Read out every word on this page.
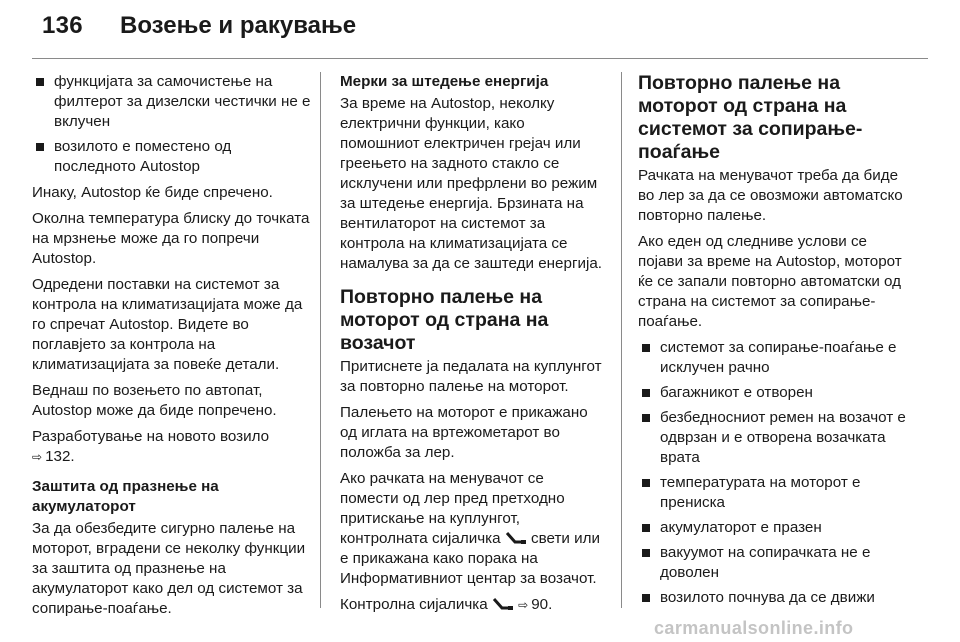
136 Возење и ракување
функцијата за самочистење на филтерот за дизелски честички не е вклучен
возилото е поместено од последното Autostop

Инаку, Autostop ќе биде спречено.

Околна температура блиску до точката на мрзнење може да го попречи Autostop.

Одредени поставки на системот за контрола на климатизацијата може да го спречат Autostop. Видете во поглавјето за контрола на климатизацијата за повеќе детали.

Веднаш по возењето по автопат, Autostop може да биде попречено.

Разработување на новото возило
⇨ 132.

Заштита од празнење на акумулаторот

За да обезбедите сигурно палење на моторот, вградени се неколку функции за заштита од празнење на акумулаторот како дел од системот за сопирање-поаѓање.

Мерки за штедење енергија

За време на Autostop, неколку електрични функции, како помошниот електричен грејач или греењето на задното стакло се исклучени или префрлени во режим за штедење енергија. Брзината на вентилаторот на системот за контрола на климатизацијата се намалува за да се заштеди енергија.

Повторно палење на моторот од страна на возачот

Притиснете ја педалата на куплунгот за повторно палење на моторот.

Палењето на моторот е прикажано од иглата на вртежометарот во положба за лер.

Ако рачката на менувачот се помести од лер пред претходно притискање на куплунгот, контролната сијаличка свети или е прикажана како порака на Информативниот центар за возачот.

Контролна сијаличка	⇨ 90.

Повторно палење на моторот од страна на системот за сопирање-поаѓање

Рачката на менувачот треба да биде во лер за да се овозможи автоматско повторно палење.

Ако еден од следниве услови се појави за време на Autostop, моторот ќе се запали повторно автоматски од страна на системот за сопирање-поаѓање.

системот за сопирање-поаѓање е исклучен рачно
багажникот е отворен
безбедносниот ремен на возачот е одврзан и е отворена возачката врата
температурата на моторот е прениска
акумулаторот е празен
вакуумот на сопирачката не е доволен
возилото почнува да се движи
carmanualsonline.info
